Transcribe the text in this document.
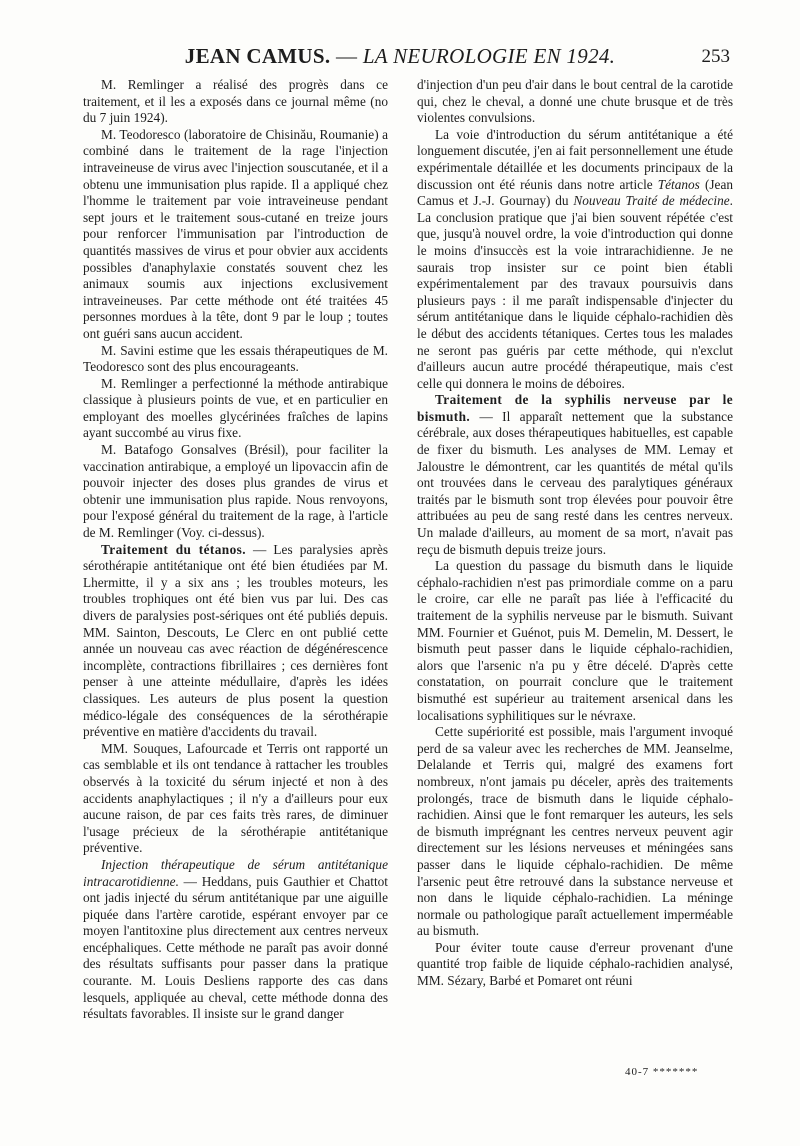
JEAN CAMUS. — LA NEUROLOGIE EN 1924.	253

M. Remlinger a réalisé des progrès dans ce traitement, et il les a exposés dans ce journal même (no du 7 juin 1924).

M. Teodoresco (laboratoire de Chisinău, Roumanie) a combiné dans le traitement de la rage l'injection intraveineuse de virus avec l'injection souscutanée, et il a obtenu une immunisation plus rapide. Il a appliqué chez l'homme le traitement par voie intraveineuse pendant sept jours et le traitement sous-cutané en treize jours pour renforcer l'immunisation par l'introduction de quantités massives de virus et pour obvier aux accidents possibles d'anaphylaxie constatés souvent chez les animaux soumis aux injections exclusivement intraveineuses. Par cette méthode ont été traitées 45 personnes mordues à la tête, dont 9 par le loup ; toutes ont guéri sans aucun accident.

M. Savini estime que les essais thérapeutiques de M. Teodoresco sont des plus encourageants.

M. Remlinger a perfectionné la méthode antirabique classique à plusieurs points de vue, et en particulier en employant des moelles glycérinées fraîches de lapins ayant succombé au virus fixe.

M. Batafogo Gonsalves (Brésil), pour faciliter la vaccination antirabique, a employé un lipovaccin afin de pouvoir injecter des doses plus grandes de virus et obtenir une immunisation plus rapide. Nous renvoyons, pour l'exposé général du traitement de la rage, à l'article de M. Remlinger (Voy. ci-dessus).

Traitement du tétanos. — Les paralysies après sérothérapie antitétanique ont été bien étudiées par M. Lhermitte, il y a six ans ; les troubles moteurs, les troubles trophiques ont été bien vus par lui. Des cas divers de paralysies post-sériques ont été publiés depuis. MM. Sainton, Descouts, Le Clerc en ont publié cette année un nouveau cas avec réaction de dégénérescence incomplète, contractions fibrillaires ; ces dernières font penser à une atteinte médullaire, d'après les idées classiques. Les auteurs de plus posent la question médico-légale des conséquences de la sérothérapie préventive en matière d'accidents du travail.

MM. Souques, Lafourcade et Terris ont rapporté un cas semblable et ils ont tendance à rattacher les troubles observés à la toxicité du sérum injecté et non à des accidents anaphylactiques ; il n'y a d'ailleurs pour eux aucune raison, de par ces faits très rares, de diminuer l'usage précieux de la sérothérapie antitétanique préventive.

Injection thérapeutique de sérum antitétanique intracarotidienne. — Heddans, puis Gauthier et Chattot ont jadis injecté du sérum antitétanique par une aiguille piquée dans l'artère carotide, espérant envoyer par ce moyen l'antitoxine plus directement aux centres nerveux encéphaliques. Cette méthode ne paraît pas avoir donné des résultats suffisants pour passer dans la pratique courante. M. Louis Desliens rapporte des cas dans lesquels, appliquée au cheval, cette méthode donna des résultats favorables. Il insiste sur le grand danger

d'injection d'un peu d'air dans le bout central de la carotide qui, chez le cheval, a donné une chute brusque et de très violentes convulsions.

La voie d'introduction du sérum antitétanique a été longuement discutée, j'en ai fait personnellement une étude expérimentale détaillée et les documents principaux de la discussion ont été réunis dans notre article Tétanos (Jean Camus et J.-J. Gournay) du Nouveau Traité de médecine. La conclusion pratique que j'ai bien souvent répétée c'est que, jusqu'à nouvel ordre, la voie d'introduction qui donne le moins d'insuccès est la voie intrarachidienne. Je ne saurais trop insister sur ce point bien établi expérimentalement par des travaux poursuivis dans plusieurs pays : il me paraît indispensable d'injecter du sérum antitétanique dans le liquide céphalo-rachidien dès le début des accidents tétaniques. Certes tous les malades ne seront pas guéris par cette méthode, qui n'exclut d'ailleurs aucun autre procédé thérapeutique, mais c'est celle qui donnera le moins de déboires.

Traitement de la syphilis nerveuse par le bismuth. — Il apparaît nettement que la substance cérébrale, aux doses thérapeutiques habituelles, est capable de fixer du bismuth. Les analyses de MM. Lemay et Jaloustre le démontrent, car les quantités de métal qu'ils ont trouvées dans le cerveau des paralytiques généraux traités par le bismuth sont trop élevées pour pouvoir être attribuées au peu de sang resté dans les centres nerveux. Un malade d'ailleurs, au moment de sa mort, n'avait pas reçu de bismuth depuis treize jours.

La question du passage du bismuth dans le liquide céphalo-rachidien n'est pas primordiale comme on a paru le croire, car elle ne paraît pas liée à l'efficacité du traitement de la syphilis nerveuse par le bismuth. Suivant MM. Fournier et Guénot, puis M. Demelin, M. Dessert, le bismuth peut passer dans le liquide céphalo-rachidien, alors que l'arsenic n'a pu y être décelé. D'après cette constatation, on pourrait conclure que le traitement bismuthé est supérieur au traitement arsenical dans les localisations syphilitiques sur le névraxe.

Cette supériorité est possible, mais l'argument invoqué perd de sa valeur avec les recherches de MM. Jeanselme, Delalande et Terris qui, malgré des examens fort nombreux, n'ont jamais pu déceler, après des traitements prolongés, trace de bismuth dans le liquide céphalo-rachidien. Ainsi que le font remarquer les auteurs, les sels de bismuth imprégnant les centres nerveux peuvent agir directement sur les lésions nerveuses et méningées sans passer dans le liquide céphalo-rachidien. De même l'arsenic peut être retrouvé dans la substance nerveuse et non dans le liquide céphalo-rachidien. La méninge normale ou pathologique paraît actuellement imperméable au bismuth.

Pour éviter toute cause d'erreur provenant d'une quantité trop faible de liquide céphalo-rachidien analysé, MM. Sézary, Barbé et Pomaret ont réuni

40-7 *******
